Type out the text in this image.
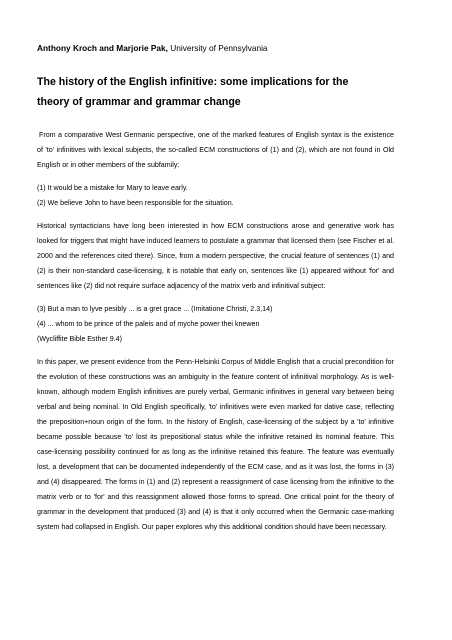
Anthony Kroch and Marjorie Pak, University of Pennsylvania

The history of the English infinitive: some implications for the
theory of grammar and grammar change

From a comparative West Germanic perspective, one of the marked features of English syntax is the existence of 'to' infinitives with lexical subjects, the so-called ECM constructions of (1) and (2), which are not found in Old English or in other members of the subfamily:

(1) It would be a mistake for Mary to leave early.

(2) We believe John to have been responsible for the situation.

Historical syntacticians have long been interested in how ECM constructions arose and generative work has looked for triggers that might have induced learners to postulate a grammar that licensed them (see Fischer et al. 2000 and the references cited there). Since, from a modern perspective, the crucial feature of sentences (1) and (2) is their non-standard case-licensing, it is notable that early on, sentences like (1) appeared without 'for' and sentences like (2) did not require surface adjacency of the matrix verb and infinitival subject:

(3) But a man to lyve pesibly ... is a gret grace ... (Imitatione Christi, 2.3,14)

(4) ... whom to be prince of the paleis and of myche power thei knewen

(Wycliffite Bible Esther 9.4)

In this paper, we present evidence from the Penn-Helsinki Corpus of Middle English that a crucial precondition for the evolution of these constructions was an ambiguity in the feature content of infinitival morphology. As is well-known, although modern English infinitives are purely verbal, Germanic infinitives in general vary between being verbal and being nominal. In Old English specifically, 'to' infinitives were even marked for dative case, reflecting the preposition+noun origin of the form. In the history of English, case-licensing of the subject by a 'to' infinitive became possible because 'to' lost its prepositional status while the infinitive retained its nominal feature. This case-licensing possibility continued for as long as the infinitive retained this feature. The feature was eventually lost, a development that can be documented independently of the ECM case, and as it was lost, the forms in (3) and (4) disappeared. The forms in (1) and (2) represent a reassignment of case licensing from the infinitive to the matrix verb or to 'for' and this reassignment allowed those forms to spread. One critical point for the theory of grammar in the development that produced (3) and (4) is that it only occurred when the Germanic case-marking system had collapsed in English. Our paper explores why this additional condition should have been necessary.
